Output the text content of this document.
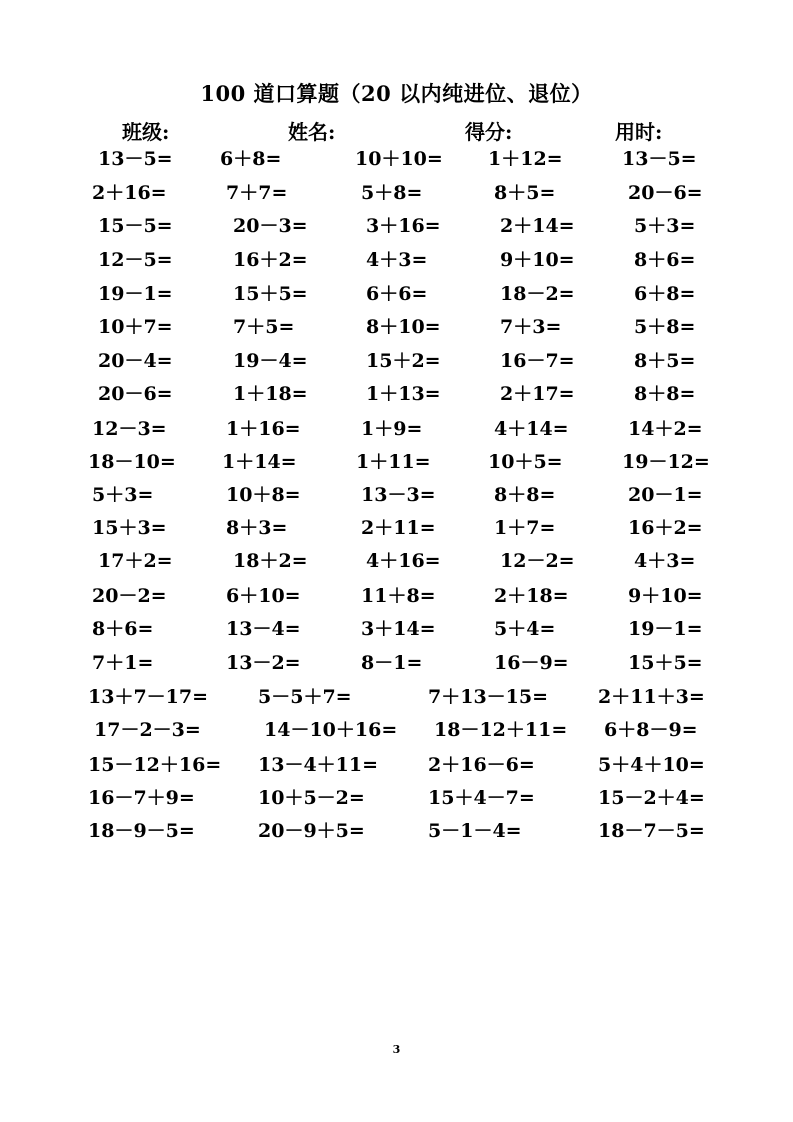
100 道口算题（20 以内纯进位、退位）
班级:	姓名:	得分:	用时:
13－5= 6＋8=	10＋10= 1＋12=	13－5=
2＋16=	7＋7=	5＋8=	8＋5=	20－6=
15－5=	20－3=	3＋16=	2＋14=	5＋3=
12－5=	16＋2=	4＋3=	9＋10=	8＋6=
19－1=	15＋5=	6＋6=	18－2=	6＋8=
10＋7=	7＋5=	8＋10=	7＋3=	5＋8=
20－4=	19－4=	15＋2=	16－7=	8＋5=
20－6=	1＋18=	1＋13=	2＋17=	8＋8=
12－3=	1＋16=	1＋9=	4＋14=	14＋2=
18－10= 1＋14=	1＋11=	10＋5=	19－12=
5＋3=	10＋8=	13－3=	8＋8=	20－1=
15＋3=	8＋3=	2＋11=	1＋7=	16＋2=
17＋2=	18＋2=	4＋16=	12－2=	4＋3=
20－2=	6＋10=	11＋8=	2＋18=	9＋10=
8＋6=	13－4=	3＋14=	5＋4=	19－1=
7＋1=	13－2=	8－1=	16－9=	15＋5=
13＋7－17=	5－5＋7=	7＋13－15=	2＋11＋3=
17－2－3=	14－10＋16= 18－12＋11= 6＋8－9=
15－12＋16= 13－4＋11=	2＋16－6=	5＋4＋10=
16－7＋9=	10＋5－2=	15＋4－7=	15－2＋4=
18－9－5=	20－9＋5=	5－1－4=	18－7－5=
3
